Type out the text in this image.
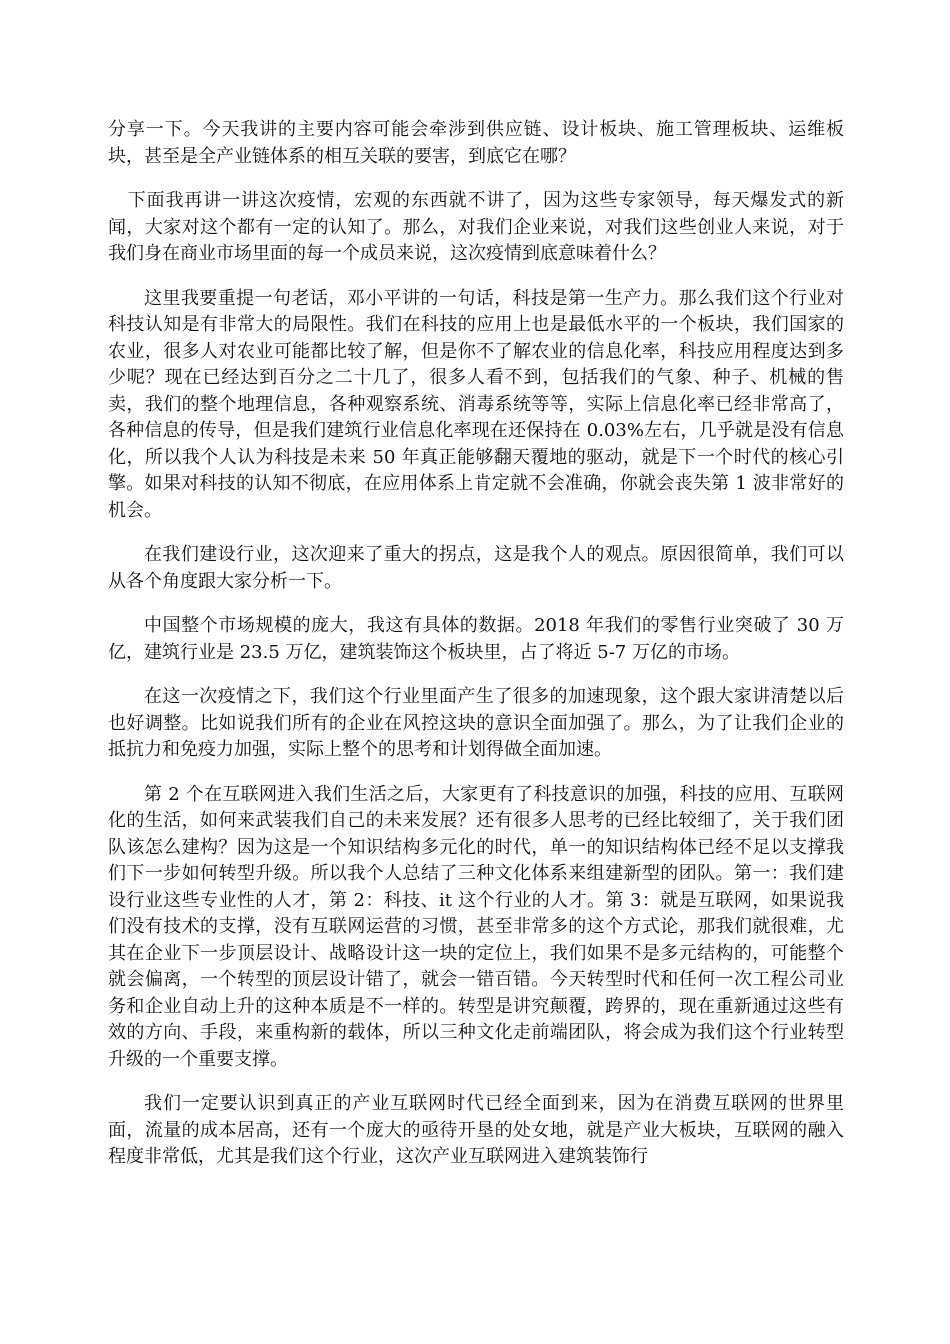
分享一下。今天我讲的主要内容可能会牵涉到供应链、设计板块、施工管理板块、运维板块，甚至是全产业链体系的相互关联的要害，到底它在哪？

下面我再讲一讲这次疫情，宏观的东西就不讲了，因为这些专家领导，每天爆发式的新闻，大家对这个都有一定的认知了。那么，对我们企业来说，对我们这些创业人来说，对于我们身在商业市场里面的每一个成员来说，这次疫情到底意味着什么？

这里我要重提一句老话，邓小平讲的一句话，科技是第一生产力。那么我们这个行业对科技认知是有非常大的局限性。我们在科技的应用上也是最低水平的一个板块，我们国家的农业，很多人对农业可能都比较了解，但是你不了解农业的信息化率，科技应用程度达到多少呢？现在已经达到百分之二十几了，很多人看不到，包括我们的气象、种子、机械的售卖，我们的整个地理信息，各种观察系统、消毒系统等等，实际上信息化率已经非常高了，各种信息的传导，但是我们建筑行业信息化率现在还保持在 0.03%左右，几乎就是没有信息化，所以我个人认为科技是未来 50 年真正能够翻天覆地的驱动，就是下一个时代的核心引擎。如果对科技的认知不彻底，在应用体系上肯定就不会准确，你就会丧失第 1 波非常好的机会。

在我们建设行业，这次迎来了重大的拐点，这是我个人的观点。原因很简单，我们可以从各个角度跟大家分析一下。

中国整个市场规模的庞大，我这有具体的数据。2018 年我们的零售行业突破了 30 万亿，建筑行业是 23.5 万亿，建筑装饰这个板块里，占了将近 5-7 万亿的市场。

在这一次疫情之下，我们这个行业里面产生了很多的加速现象，这个跟大家讲清楚以后也好调整。比如说我们所有的企业在风控这块的意识全面加强了。那么，为了让我们企业的抵抗力和免疫力加强，实际上整个的思考和计划得做全面加速。

第 2 个在互联网进入我们生活之后，大家更有了科技意识的加强，科技的应用、互联网化的生活，如何来武装我们自己的未来发展？还有很多人思考的已经比较细了，关于我们团队该怎么建构？因为这是一个知识结构多元化的时代，单一的知识结构体已经不足以支撑我们下一步如何转型升级。所以我个人总结了三种文化体系来组建新型的团队。第一：我们建设行业这些专业性的人才，第 2：科技、it 这个行业的人才。第 3：就是互联网，如果说我们没有技术的支撑，没有互联网运营的习惯，甚至非常多的这个方式论，那我们就很难，尤其在企业下一步顶层设计、战略设计这一块的定位上，我们如果不是多元结构的，可能整个就会偏离，一个转型的顶层设计错了，就会一错百错。今天转型时代和任何一次工程公司业务和企业自动上升的这种本质是不一样的。转型是讲究颠覆，跨界的，现在重新通过这些有效的方向、手段，来重构新的载体，所以三种文化走前端团队，将会成为我们这个行业转型升级的一个重要支撑。

我们一定要认识到真正的产业互联网时代已经全面到来，因为在消费互联网的世界里面，流量的成本居高，还有一个庞大的亟待开垦的处女地，就是产业大板块，互联网的融入程度非常低，尤其是我们这个行业，这次产业互联网进入建筑装饰行
